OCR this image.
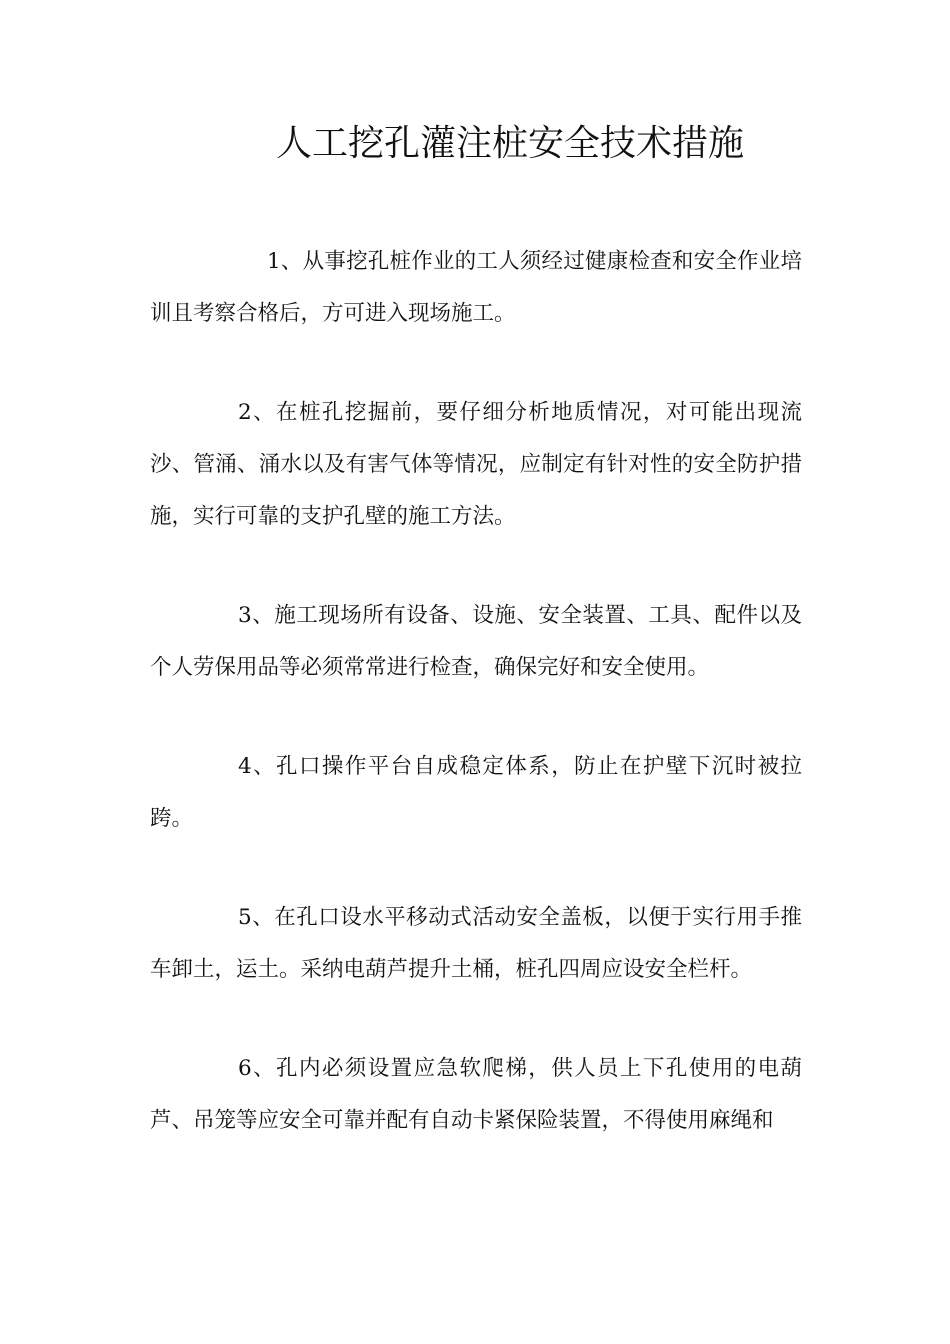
人工挖孔灌注桩安全技术措施

1、从事挖孔桩作业的工人须经过健康检查和安全作业培训且考察合格后，方可进入现场施工。

2、在桩孔挖掘前，要仔细分析地质情况，对可能出现流沙、管涌、涌水以及有害气体等情况，应制定有针对性的安全防护措施，实行可靠的支护孔壁的施工方法。

3、施工现场所有设备、设施、安全装置、工具、配件以及个人劳保用品等必须常常进行检查，确保完好和安全使用。

4、孔口操作平台自成稳定体系，防止在护壁下沉时被拉跨。

5、在孔口设水平移动式活动安全盖板，以便于实行用手推车卸土，运土。采纳电葫芦提升土桶，桩孔四周应设安全栏杆。

6、孔内必须设置应急软爬梯，供人员上下孔使用的电葫芦、吊笼等应安全可靠并配有自动卡紧保险装置，不得使用麻绳和
